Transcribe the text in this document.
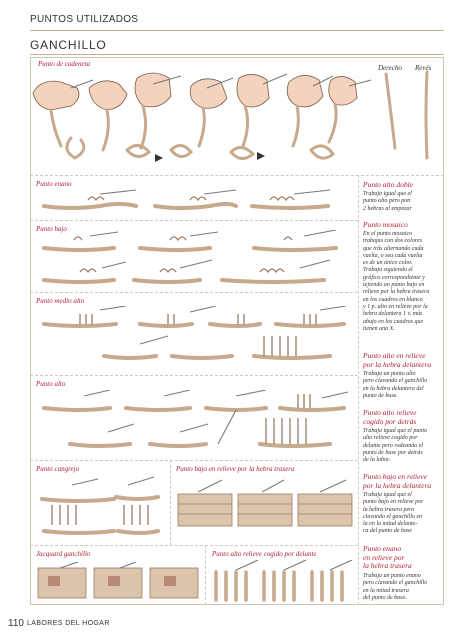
PUNTOS UTILIZADOS
GANCHILLO
Punto de cadeneta	Derecho Revés
Punto enano
Punto bajo
Punto medio alto
Punto alto
Punto cangrejo	Punto bajo en relieve por la hebra trasera
Jacquard ganchillo	Punto alto relieve cogido por delante
Punto alto doble
Trabaja igual que el
punto alto pero pon
2 hebras al empezar
Punto mosaico
En el punto mosaico
trabajas con dos colores
que irás alternando cada
vuelta, o sea cada vuelta
es de un único color.
Trabaja siguiendo el
gráfico correspondiente y
tejiendo un punto bajo en
relieve por la hebra trasera
en los cuadros en blanco
y 1 p. alto en relieve por la
hebra delantera 1 v. más
abajo en los cuadros que
tienen una X.
Punto alto en relieve
por la hebra delantera
Trabaja un punto alto
pero clavando el ganchillo
en la hebra delantera del
punto de base.
Punto alto relieve
cogido por detrás
Trabaja igual que el punto
alto relieve cogido por
delante pero rodeando el
punto de base por detrás
de la labor.
Punto bajo en relieve
por la hebra delantera
Trabaja igual que el
punto bajo en relieve por
la hebra trasera pero
clavando el ganchillo en
la en la mitad delante-
ra del punto de base
Punto enano
en relieve por
la hebra trasera
Trabaja un punto enano
pero clavando el ganchillo
en la mitad trasera
del punto de base.
110 LABORES DEL HOGAR
